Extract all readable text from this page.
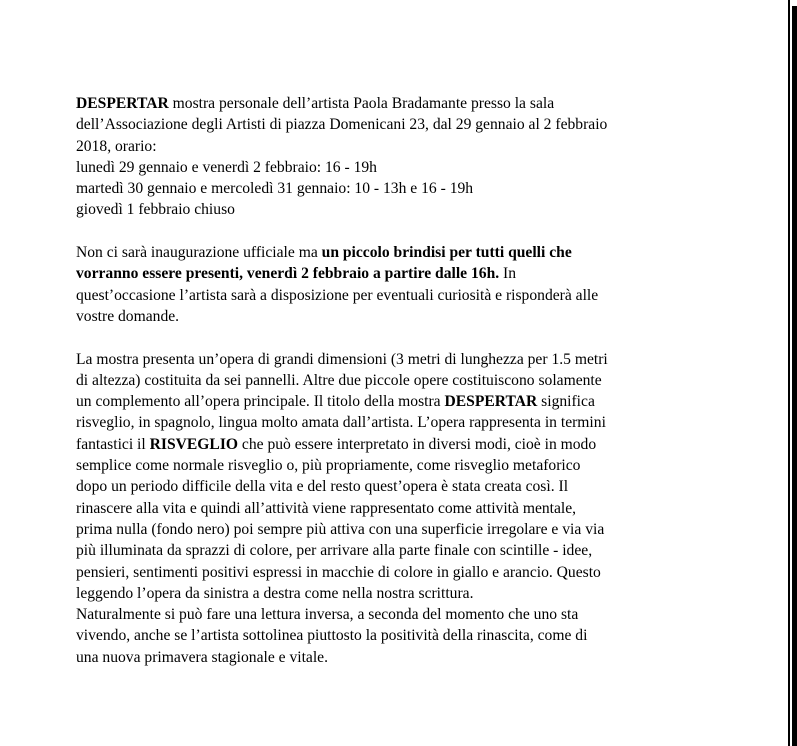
DESPERTAR mostra personale dell’artista Paola Bradamante presso la sala

dell’Associazione degli Artisti di piazza Domenicani 23, dal 29 gennaio al 2 febbraio

2018, orario:

lunedì 29 gennaio e venerdì 2 febbraio: 16 - 19h

martedì 30 gennaio e mercoledì 31 gennaio: 10 - 13h e 16 - 19h

giovedì 1 febbraio chiuso

Non ci sarà inaugurazione ufficiale ma un piccolo brindisi per tutti quelli che

vorranno essere presenti, venerdì 2 febbraio a partire dalle 16h. In

quest’occasione l’artista sarà a disposizione per eventuali curiosità e risponderà alle

vostre domande.

La mostra presenta un’opera di grandi dimensioni (3 metri di lunghezza per 1.5 metri

di altezza) costituita da sei pannelli. Altre due piccole opere costituiscono solamente

un complemento all’opera principale. Il titolo della mostra DESPERTAR significa

risveglio, in spagnolo, lingua molto amata dall’artista. L’opera rappresenta in termini

fantastici il RISVEGLIO che può essere interpretato in diversi modi, cioè in modo

semplice come normale risveglio o, più propriamente, come risveglio metaforico

dopo un periodo difficile della vita e del resto quest’opera è stata creata così. Il

rinascere alla vita e quindi all’attività viene rappresentato come attività mentale,

prima nulla (fondo nero) poi sempre più attiva con una superficie irregolare e via via

più illuminata da sprazzi di colore, per arrivare alla parte finale con scintille - idee,

pensieri, sentimenti positivi espressi in macchie di colore in giallo e arancio. Questo

leggendo l’opera da sinistra a destra come nella nostra scrittura.

Naturalmente si può fare una lettura inversa, a seconda del momento che uno sta

vivendo, anche se l’artista sottolinea piuttosto la positività della rinascita, come di

una nuova primavera stagionale e vitale.
